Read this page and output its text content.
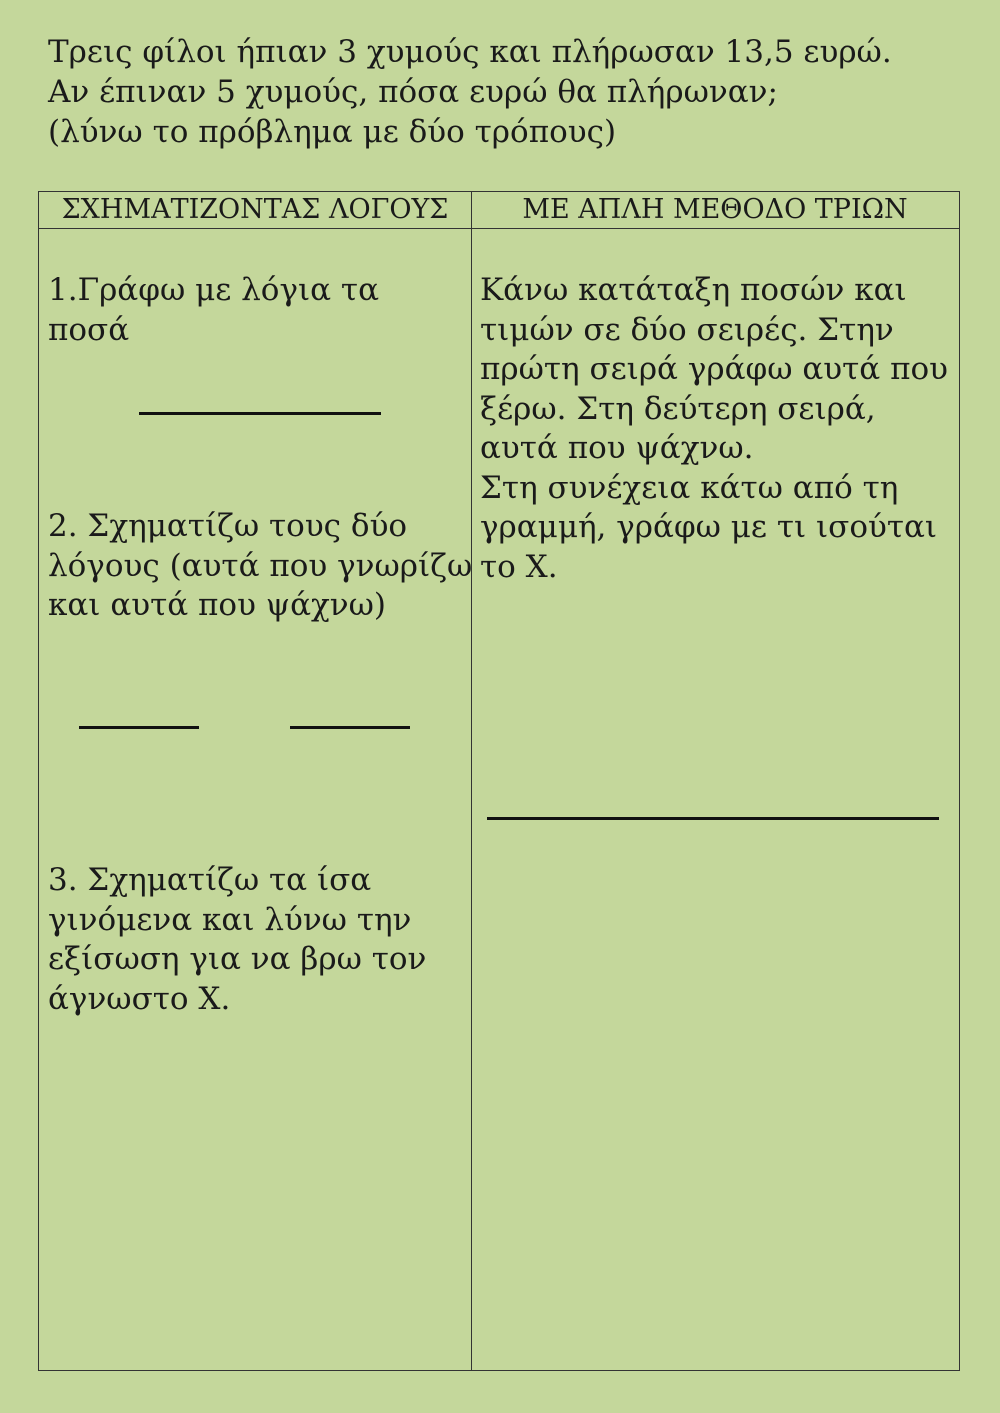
Τρεις φίλοι ήπιαν 3 χυμούς και πλήρωσαν 13,5 ευρώ.
Αν έπιναν 5 χυμούς, πόσα ευρώ θα πλήρωναν;
(λύνω το πρόβλημα με δύο τρόπους)
ΣΧΗΜΑΤΙΖΟΝΤΑΣ ΛΟΓΟΥΣ	ΜΕ ΑΠΛΗ ΜΕΘΟΔΟ ΤΡΙΩΝ
1.Γράφω με λόγια τα
ποσά
2. Σχηματίζω τους δύο
λόγους (αυτά που γνωρίζω
και αυτά που ψάχνω)
3. Σχηματίζω τα ίσα
γινόμενα και λύνω την
εξίσωση για να βρω τον
άγνωστο Χ.
Κάνω κατάταξη ποσών και
τιμών σε δύο σειρές. Στην
πρώτη σειρά γράφω αυτά που
ξέρω. Στη δεύτερη σειρά,
αυτά που ψάχνω.
Στη συνέχεια κάτω από τη
γραμμή, γράφω με τι ισούται
το Χ.
